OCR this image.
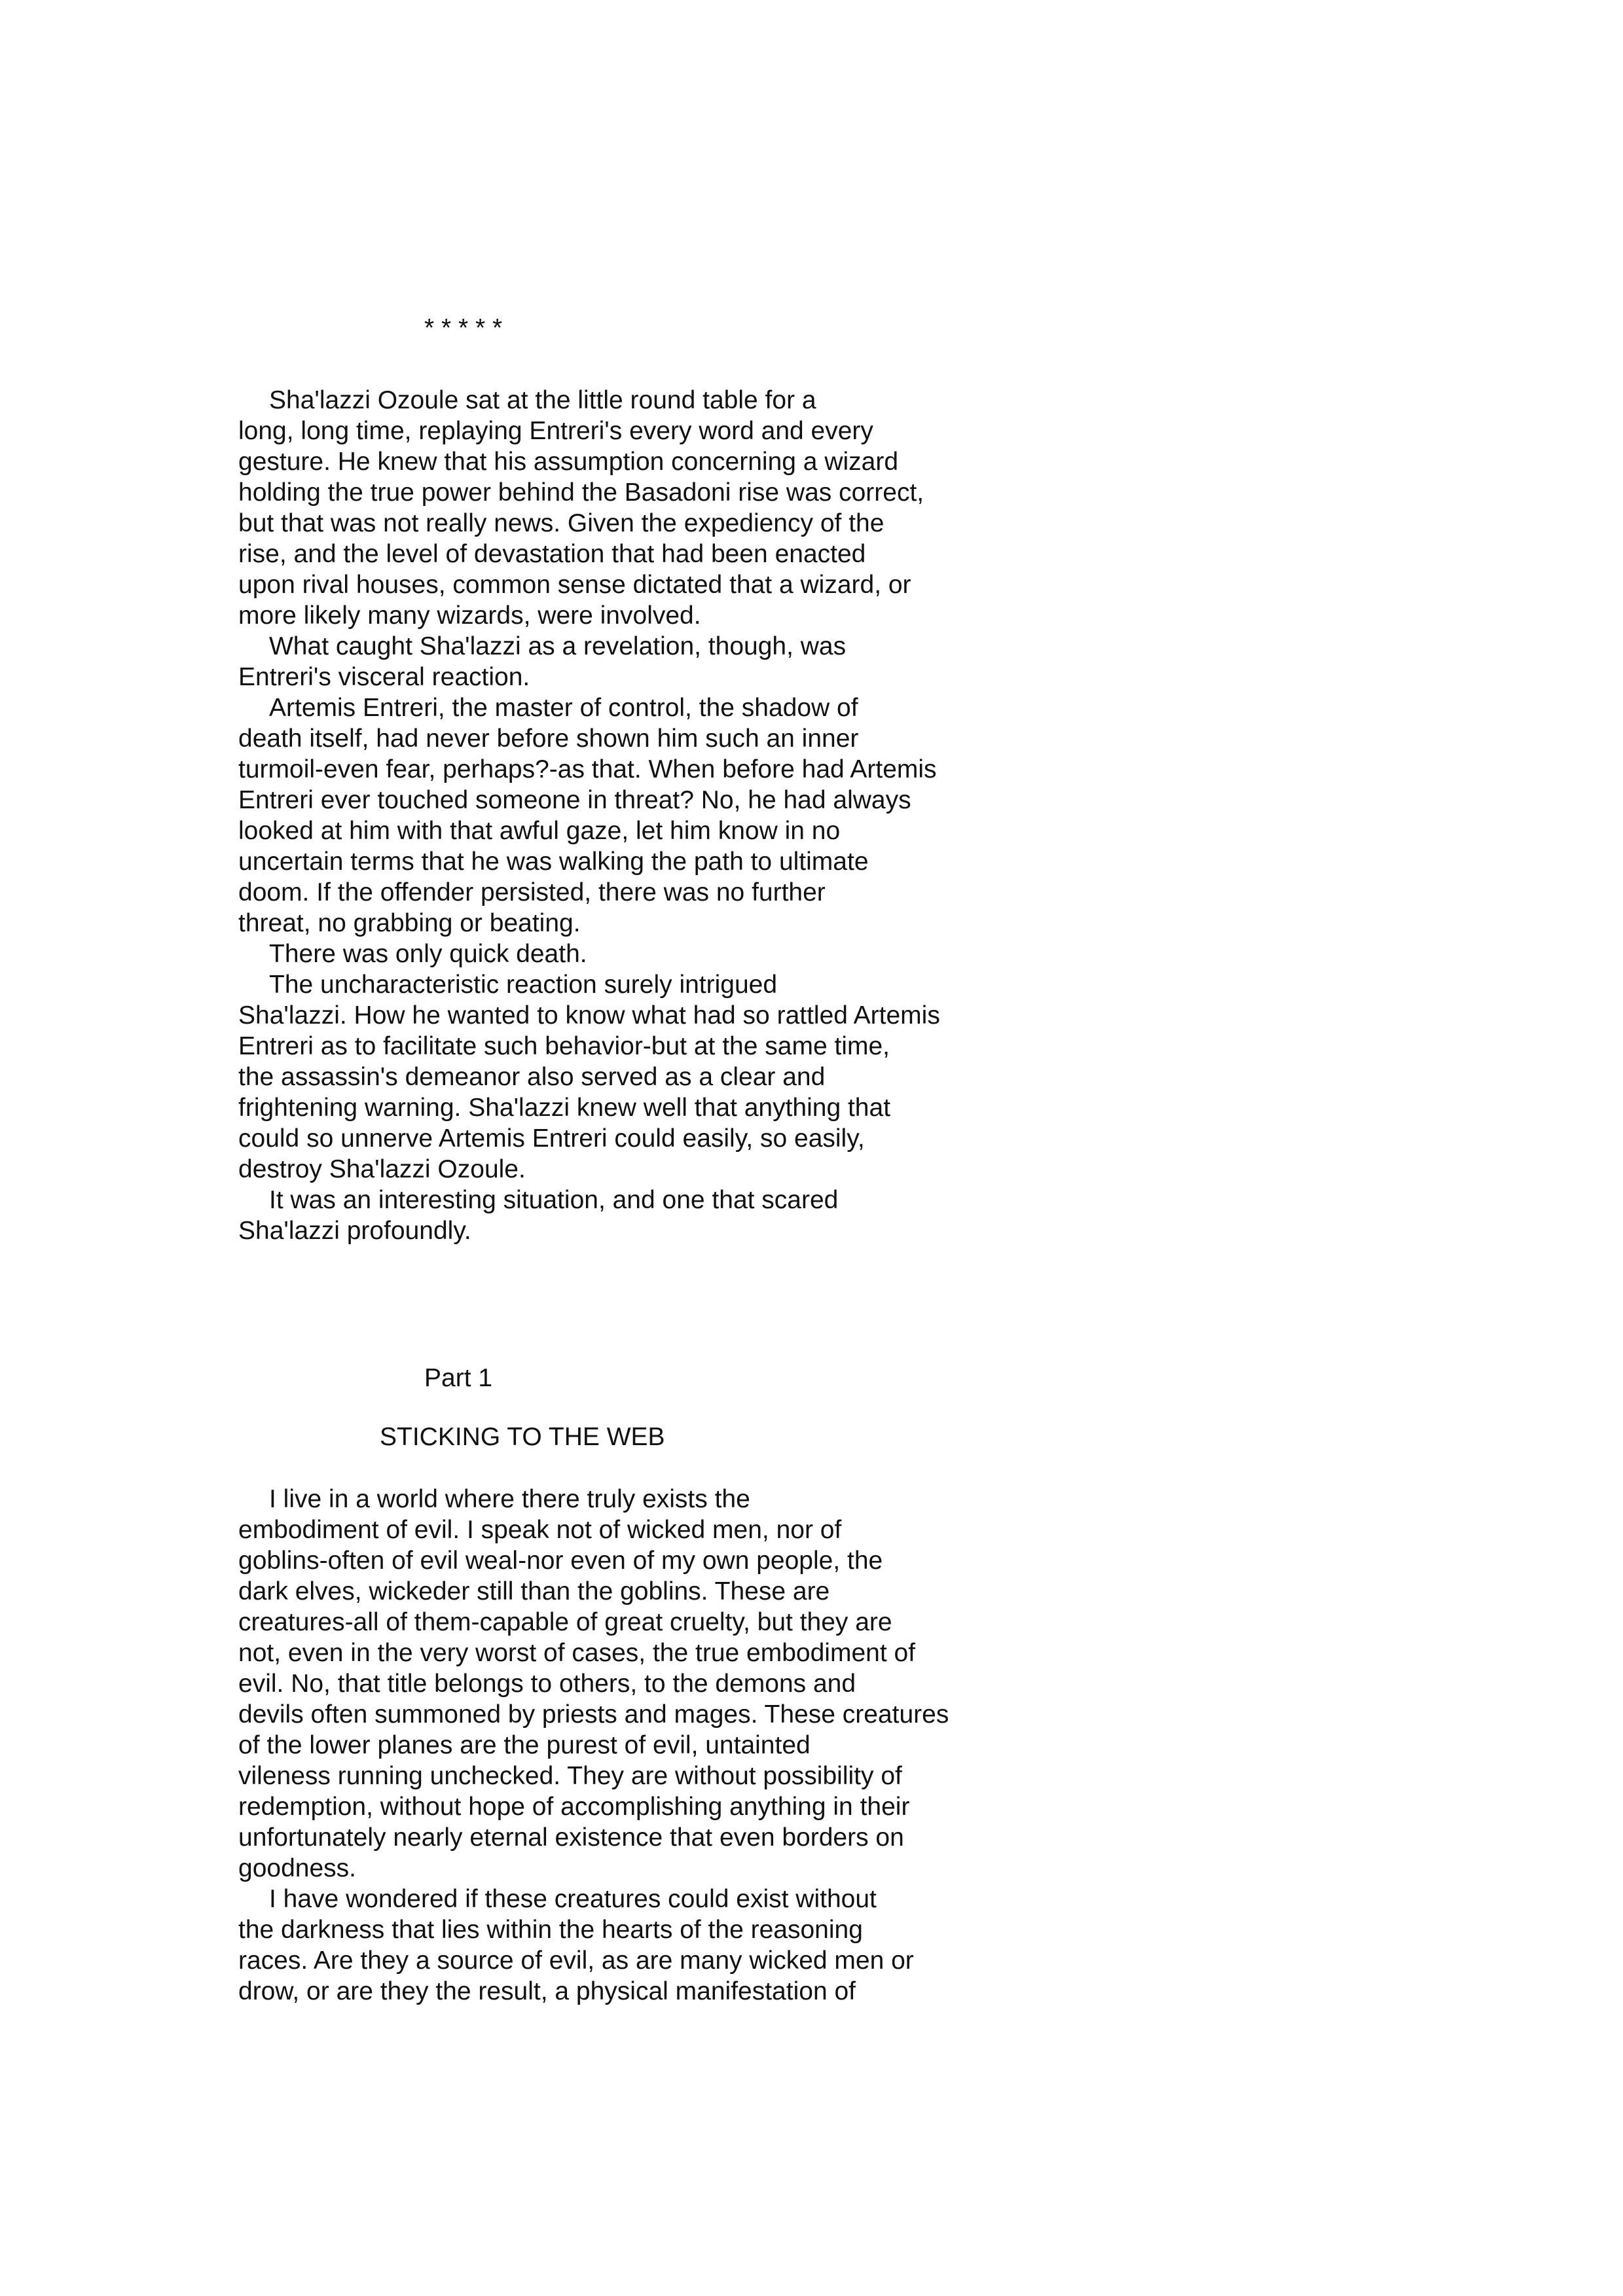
* * * * *
Sha'lazzi Ozoule sat at the little round table for a
long, long time, replaying Entreri's every word and every
gesture. He knew that his assumption concerning a wizard
holding the true power behind the Basadoni rise was correct,
but that was not really news. Given the expediency of the
rise, and the level of devastation that had been enacted
upon rival houses, common sense dictated that a wizard, or
more likely many wizards, were involved.
What caught Sha'lazzi as a revelation, though, was
Entreri's visceral reaction.
Artemis Entreri, the master of control, the shadow of
death itself, had never before shown him such an inner
turmoil-even fear, perhaps?-as that. When before had Artemis
Entreri ever touched someone in threat? No, he had always
looked at him with that awful gaze, let him know in no
uncertain terms that he was walking the path to ultimate
doom. If the offender persisted, there was no further
threat, no grabbing or beating.
There was only quick death.
The uncharacteristic reaction surely intrigued
Sha'lazzi. How he wanted to know what had so rattled Artemis
Entreri as to facilitate such behavior-but at the same time,
the assassin's demeanor also served as a clear and
frightening warning. Sha'lazzi knew well that anything that
could so unnerve Artemis Entreri could easily, so easily,
destroy Sha'lazzi Ozoule.
It was an interesting situation, and one that scared
Sha'lazzi profoundly.
Part 1
STICKING TO THE WEB
I live in a world where there truly exists the
embodiment of evil. I speak not of wicked men, nor of
goblins-often of evil weal-nor even of my own people, the
dark elves, wickeder still than the goblins. These are
creatures-all of them-capable of great cruelty, but they are
not, even in the very worst of cases, the true embodiment of
evil. No, that title belongs to others, to the demons and
devils often summoned by priests and mages. These creatures
of the lower planes are the purest of evil, untainted
vileness running unchecked. They are without possibility of
redemption, without hope of accomplishing anything in their
unfortunately nearly eternal existence that even borders on
goodness.
I have wondered if these creatures could exist without
the darkness that lies within the hearts of the reasoning
races. Are they a source of evil, as are many wicked men or
drow, or are they the result, a physical manifestation of
